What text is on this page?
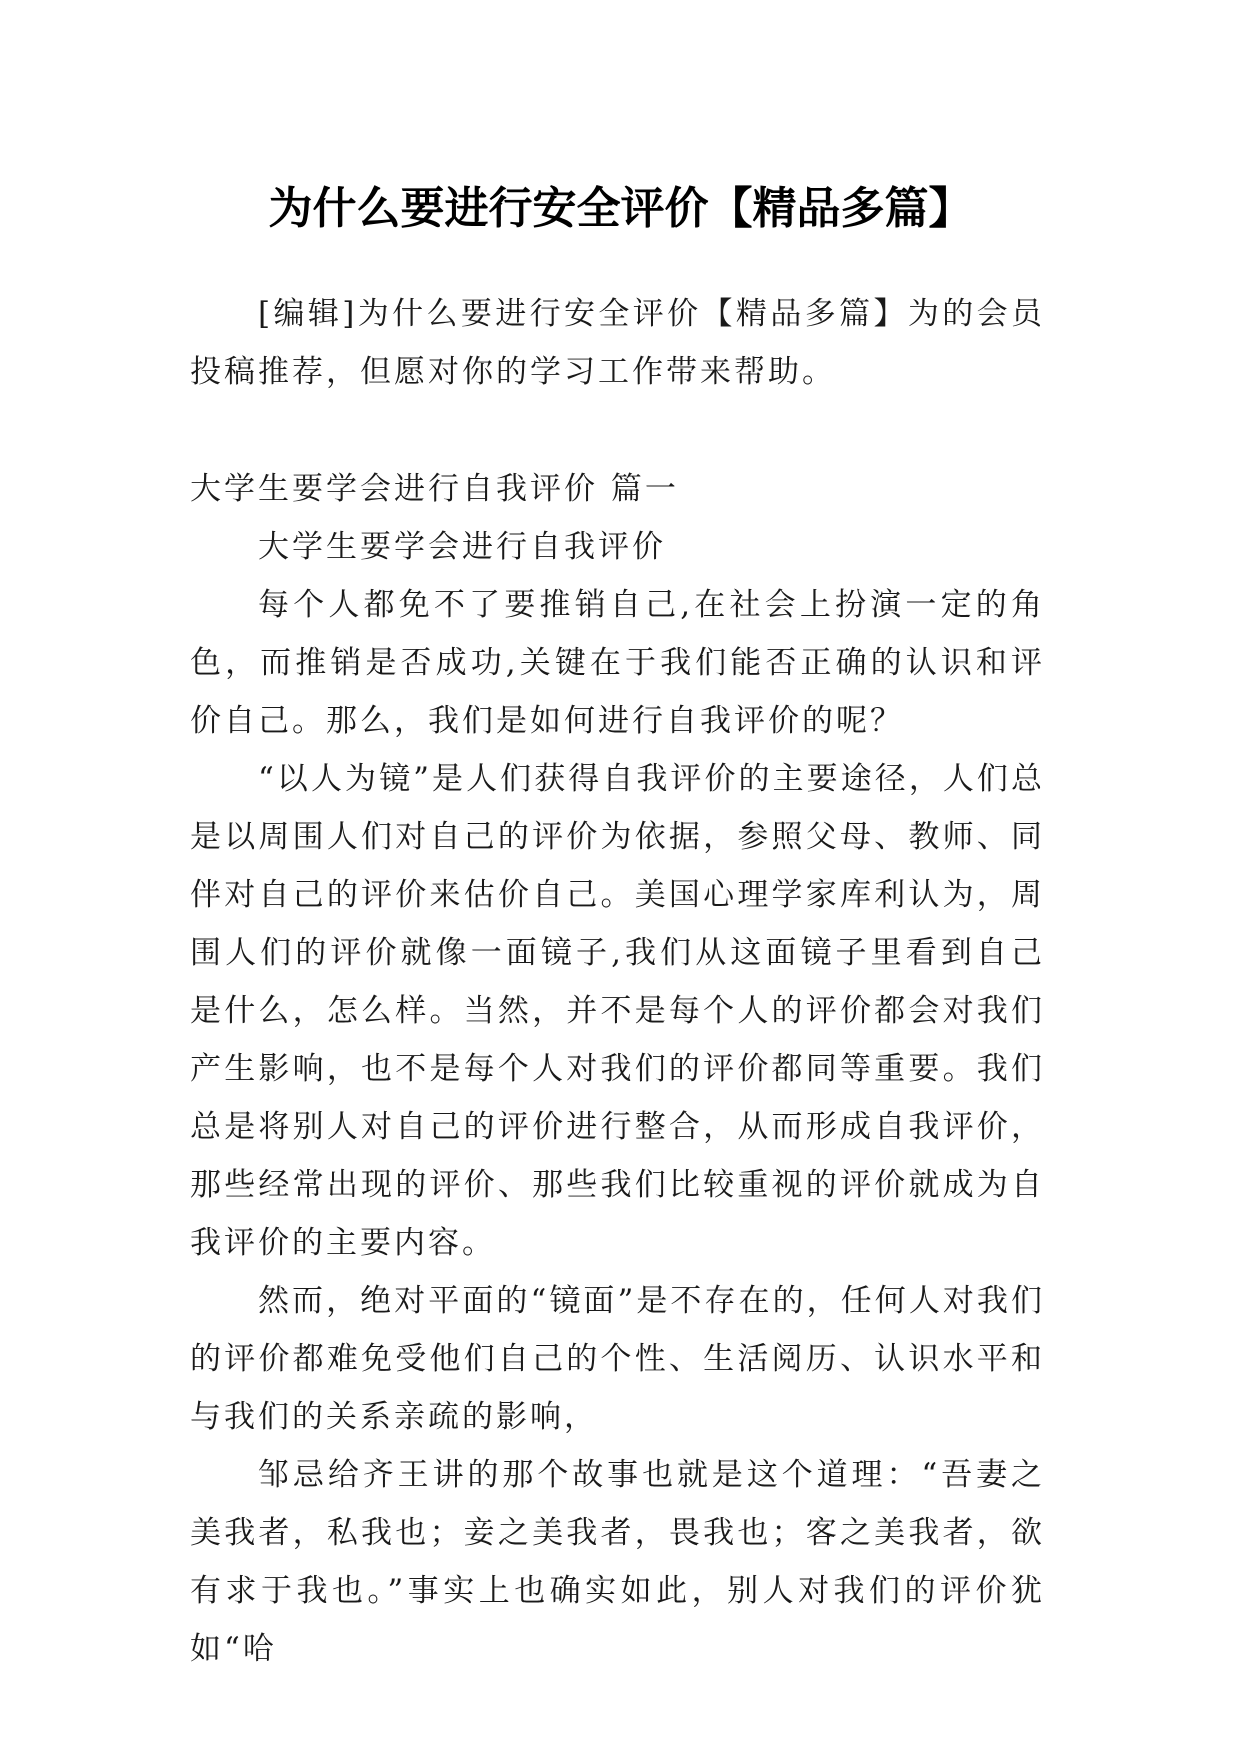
为什么要进行安全评价【精品多篇】

[编辑]为什么要进行安全评价【精品多篇】为的会员投稿推荐，但愿对你的学习工作带来帮助。

大学生要学会进行自我评价 篇一

大学生要学会进行自我评价

每个人都免不了要推销自己,在社会上扮演一定的角色，而推销是否成功,关键在于我们能否正确的认识和评价自己。那么，我们是如何进行自我评价的呢？

“以人为镜”是人们获得自我评价的主要途径，人们总是以周围人们对自己的评价为依据，参照父母、教师、同伴对自己的评价来估价自己。美国心理学家库利认为，周围人们的评价就像一面镜子,我们从这面镜子里看到自己是什么，怎么样。当然，并不是每个人的评价都会对我们产生影响，也不是每个人对我们的评价都同等重要。我们总是将别人对自己的评价进行整合，从而形成自我评价，那些经常出现的评价、那些我们比较重视的评价就成为自我评价的主要内容。

然而，绝对平面的“镜面”是不存在的，任何人对我们的评价都难免受他们自己的个性、生活阅历、认识水平和与我们的关系亲疏的影响，

邹忌给齐王讲的那个故事也就是这个道理：“吾妻之美我者，私我也；妾之美我者，畏我也；客之美我者，欲有求于我也。”事实上也确实如此，别人对我们的评价犹如“哈
